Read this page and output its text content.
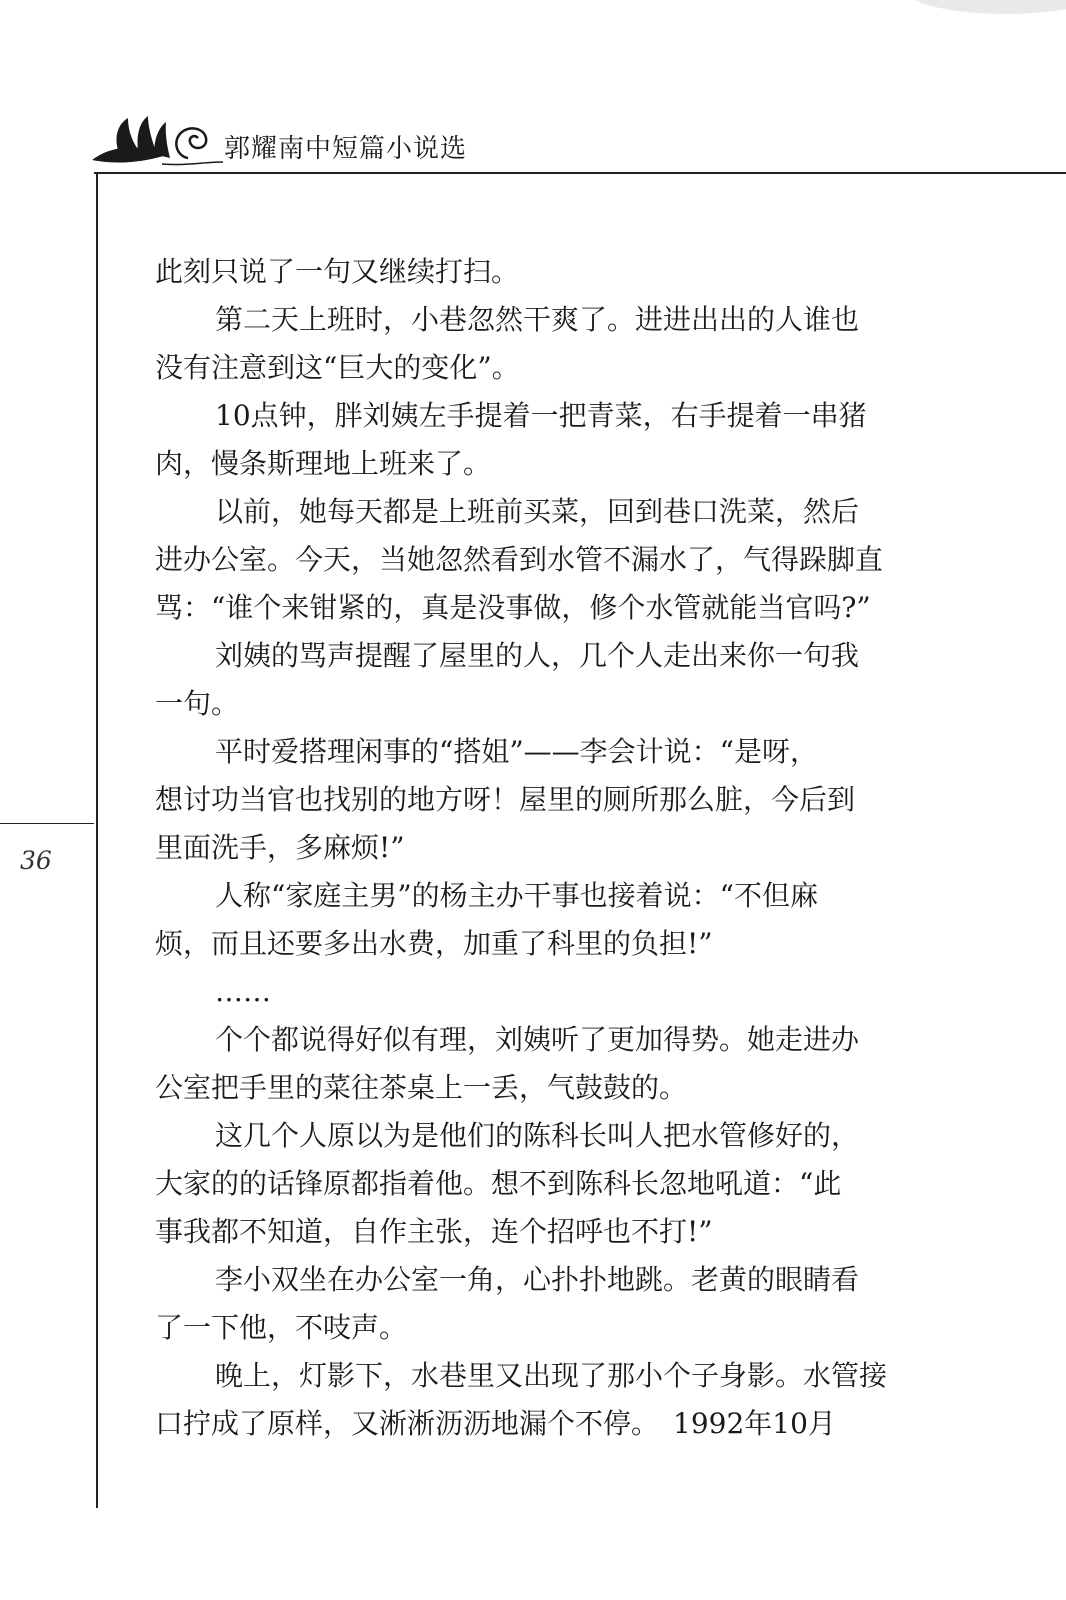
郭耀南中短篇小说选
36
此刻只说了一句又继续打扫。
第二天上班时，小巷忽然干爽了。进进出出的人谁也
没有注意到这“巨大的变化”。
10点钟，胖刘姨左手提着一把青菜，右手提着一串猪
肉，慢条斯理地上班来了。
以前，她每天都是上班前买菜，回到巷口洗菜，然后
进办公室。今天，当她忽然看到水管不漏水了，气得跺脚直
骂：“谁个来钳紧的，真是没事做，修个水管就能当官吗?”
刘姨的骂声提醒了屋里的人，几个人走出来你一句我
一句。
平时爱搭理闲事的“搭姐”——李会计说：“是呀，
想讨功当官也找别的地方呀！屋里的厕所那么脏，今后到
里面洗手，多麻烦!”
人称“家庭主男”的杨主办干事也接着说：“不但麻
烦，而且还要多出水费，加重了科里的负担!”
……
个个都说得好似有理，刘姨听了更加得势。她走进办
公室把手里的菜往茶桌上一丢，气鼓鼓的。
这几个人原以为是他们的陈科长叫人把水管修好的，
大家的的话锋原都指着他。想不到陈科长忽地吼道：“此
事我都不知道，自作主张，连个招呼也不打!”
李小双坐在办公室一角，心扑扑地跳。老黄的眼睛看
了一下他，不吱声。
晚上，灯影下，水巷里又出现了那小个子身影。水管接
口拧成了原样，又淅淅沥沥地漏个不停。　1992年10月
